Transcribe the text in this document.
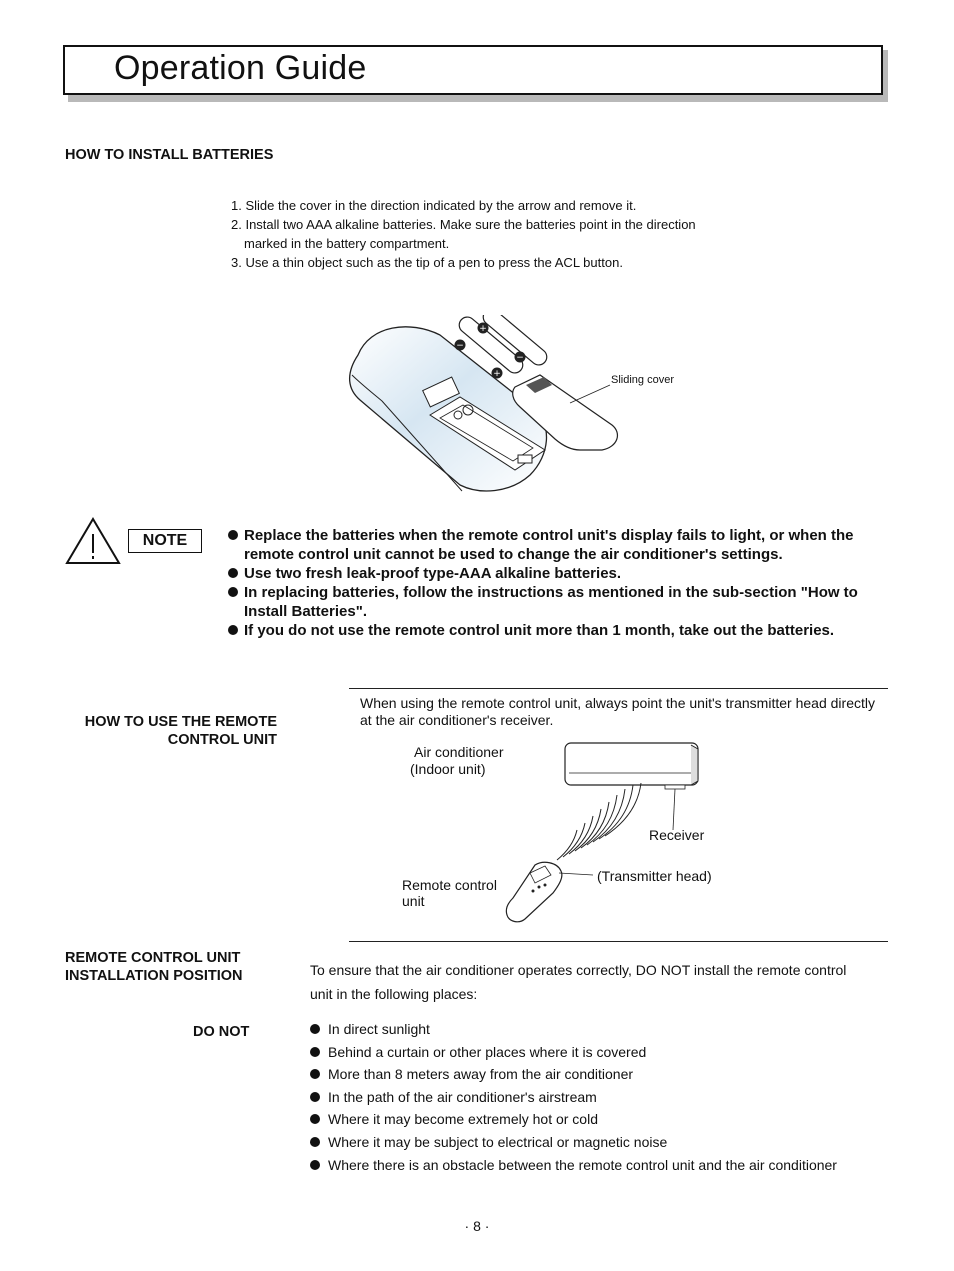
Operation Guide
HOW TO INSTALL BATTERIES
1. Slide the cover in the direction indicated by the arrow and remove it.
2. Install two AAA alkaline batteries. Make sure the batteries point in the direction
marked in the battery compartment.
3. Use a thin object such as the tip of a pen to press the ACL button.
−
+
−
+	Sliding cover
NOTE	Replace the batteries when the remote control unit's display fails to light, or when the remote control unit cannot be used to change the air conditioner's settings.
Use two fresh leak-proof type-AAA alkaline batteries.
In replacing batteries, follow the instructions as mentioned in the sub-section "How to Install Batteries".
If you do not use the remote control unit more than 1 month, take out the batteries.
HOW TO USE THE REMOTE
CONTROL UNIT
When using the remote control unit, always point the unit's transmitter head directly at the air conditioner's receiver.
Air conditioner
(Indoor unit)
Receiver
(Transmitter head)
Remote control
unit
REMOTE CONTROL UNIT
INSTALLATION POSITION	To ensure that the air conditioner operates correctly, DO NOT install the remote control
unit in the following places:
DO NOT	In direct sunlight
Behind a curtain or other places where it is covered
More than 8 meters away from the air conditioner
In the path of the air conditioner's airstream
Where it may become extremely hot or cold
Where it may be subject to electrical or magnetic noise
Where there is an obstacle between the remote control unit and the air conditioner
· 8 ·
